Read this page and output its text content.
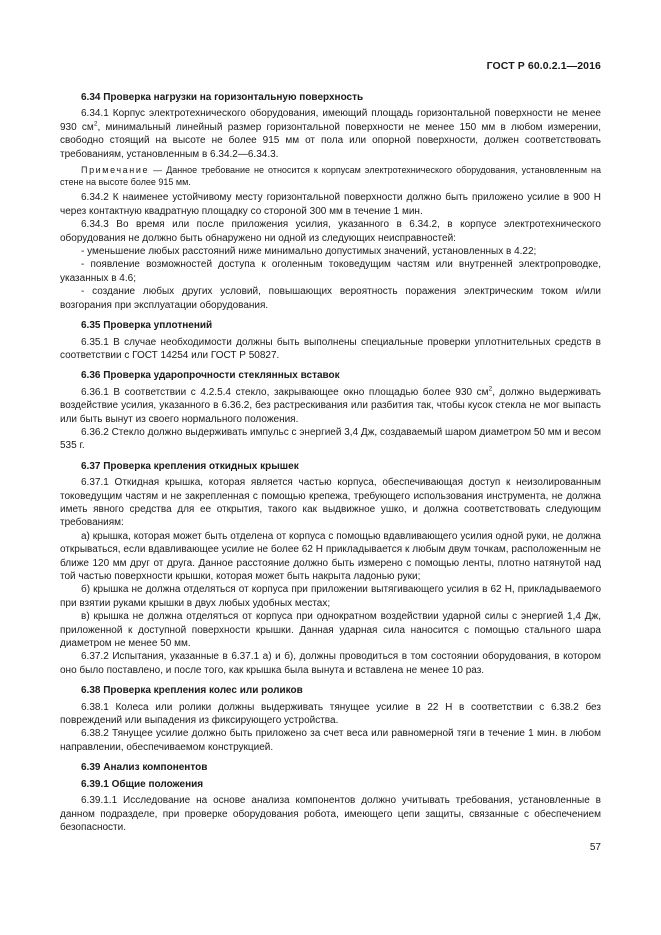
ГОСТ Р 60.0.2.1—2016
6.34 Проверка нагрузки на горизонтальную поверхность

6.34.1 Корпус электротехнического оборудования, имеющий площадь горизонтальной поверхности не менее 930 $см^2$, минимальный линейный размер горизонтальной поверхности не менее 150 мм в любом измерении, свободно стоящий на высоте не более 915 мм от пола или опорной поверхности, должен соответствовать требованиям, установленным в 6.34.2—6.34.3.

Примечание — Данное требование не относится к корпусам электротехнического оборудования, установленным на стене на высоте более 915 мм.

6.34.2 К наименее устойчивому месту горизонтальной поверхности должно быть приложено усилие в 900 Н через контактную квадратную площадку со стороной 300 мм в течение 1 мин.

6.34.3 Во время или после приложения усилия, указанного в 6.34.2, в корпусе электротехнического оборудования не должно быть обнаружено ни одной из следующих неисправностей:

- уменьшение любых расстояний ниже минимально допустимых значений, установленных в 4.22;

- появление возможностей доступа к оголенным токоведущим частям или внутренней электропроводке, указанных в 4.6;

- создание любых других условий, повышающих вероятность поражения электрическим током и/или возгорания при эксплуатации оборудования.

6.35 Проверка уплотнений

6.35.1 В случае необходимости должны быть выполнены специальные проверки уплотнительных средств в соответствии с ГОСТ 14254 или ГОСТ Р 50827.

6.36 Проверка ударопрочности стеклянных вставок

6.36.1 В соответствии с 4.2.5.4 стекло, закрывающее окно площадью более 930 $см^2$, должно выдерживать воздействие усилия, указанного в 6.36.2, без растрескивания или разбития так, чтобы кусок стекла не мог выпасть или быть вынут из своего нормального положения.

6.36.2 Стекло должно выдерживать импульс с энергией 3,4 Дж, создаваемый шаром диаметром 50 мм и весом 535 г.

6.37 Проверка крепления откидных крышек

6.37.1 Откидная крышка, которая является частью корпуса, обеспечивающая доступ к неизолированным токоведущим частям и не закрепленная с помощью крепежа, требующего использования инструмента, не должна иметь явного средства для ее открытия, такого как выдвижное ушко, и должна соответствовать следующим требованиям:

а) крышка, которая может быть отделена от корпуса с помощью вдавливающего усилия одной руки, не должна открываться, если вдавливающее усилие не более 62 Н прикладывается к любым двум точкам, расположенным не ближе 120 мм друг от друга. Данное расстояние должно быть измерено с помощью ленты, плотно натянутой над той частью поверхности крышки, которая может быть накрыта ладонью руки;

б) крышка не должна отделяться от корпуса при приложении вытягивающего усилия в 62 Н, прикладываемого при взятии руками крышки в двух любых удобных местах;

в) крышка не должна отделяться от корпуса при однократном воздействии ударной силы с энергией 1,4 Дж, приложенной к доступной поверхности крышки. Данная ударная сила наносится с помощью стального шара диаметром не менее 50 мм.

6.37.2 Испытания, указанные в 6.37.1 а) и б), должны проводиться в том состоянии оборудования, в котором оно было поставлено, и после того, как крышка была вынута и вставлена не менее 10 раз.

6.38 Проверка крепления колес или роликов

6.38.1 Колеса или ролики должны выдерживать тянущее усилие в 22 Н в соответствии с 6.38.2 без повреждений или выпадения из фиксирующего устройства.

6.38.2 Тянущее усилие должно быть приложено за счет веса или равномерной тяги в течение 1 мин. в любом направлении, обеспечиваемом конструкцией.

6.39 Анализ компонентов
6.39.1 Общие положения

6.39.1.1 Исследование на основе анализа компонентов должно учитывать требования, установленные в данном подразделе, при проверке оборудования робота, имеющего цепи защиты, связанные с обеспечением безопасности.

57
